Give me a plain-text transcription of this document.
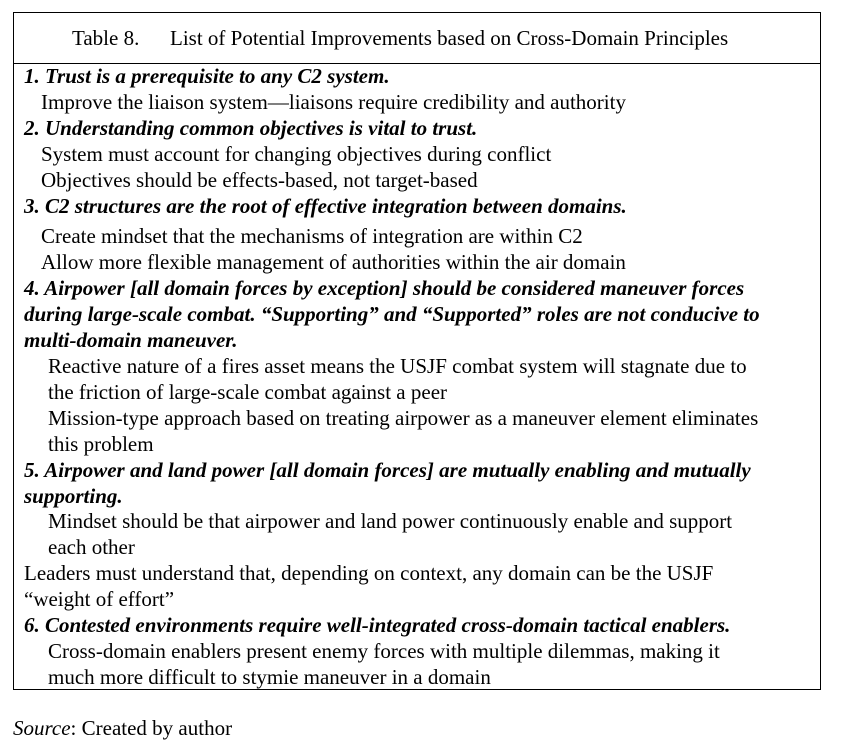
Table 8. List of Potential Improvements based on Cross-Domain Principles
1. Trust is a prerequisite to any C2 system.
Improve the liaison system—liaisons require credibility and authority
2. Understanding common objectives is vital to trust.
System must account for changing objectives during conflict
Objectives should be effects-based, not target-based
3. C2 structures are the root of effective integration between domains.
Create mindset that the mechanisms of integration are within C2
Allow more flexible management of authorities within the air domain
4. Airpower [all domain forces by exception] should be considered maneuver forces
during large-scale combat. “Supporting” and “Supported” roles are not conducive to
multi-domain maneuver.
Reactive nature of a fires asset means the USJF combat system will stagnate due to
the friction of large-scale combat against a peer
Mission-type approach based on treating airpower as a maneuver element eliminates
this problem
5. Airpower and land power [all domain forces] are mutually enabling and mutually
supporting.
Mindset should be that airpower and land power continuously enable and support
each other
Leaders must understand that, depending on context, any domain can be the USJF
“weight of effort”
6. Contested environments require well-integrated cross-domain tactical enablers.
Cross-domain enablers present enemy forces with multiple dilemmas, making it
much more difficult to stymie maneuver in a domain
Source: Created by author
